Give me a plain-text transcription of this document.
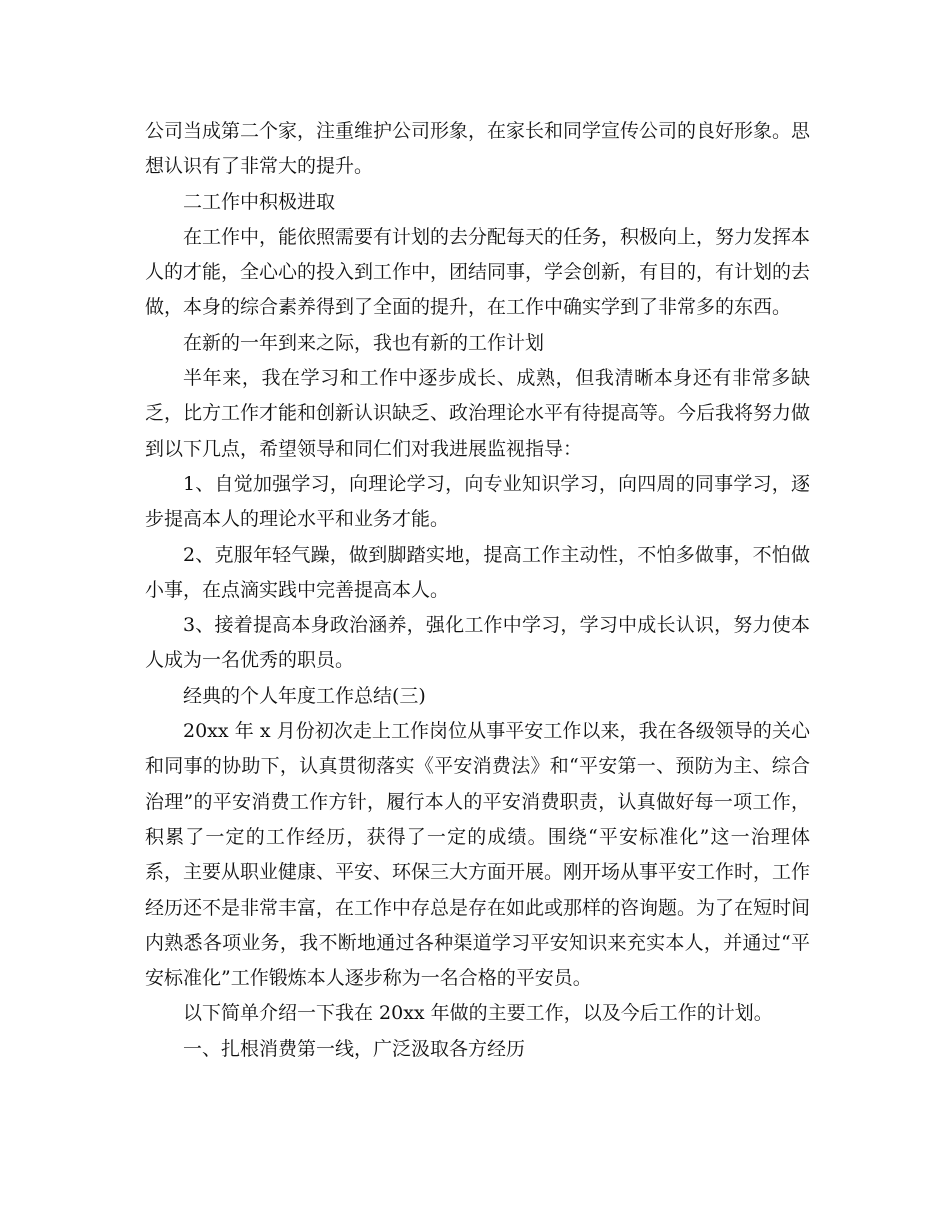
公司当成第二个家，注重维护公司形象，在家长和同学宣传公司的良好形象。思想认识有了非常大的提升。

二工作中积极进取

在工作中，能依照需要有计划的去分配每天的任务，积极向上，努力发挥本人的才能，全心心的投入到工作中，团结同事，学会创新，有目的，有计划的去做，本身的综合素养得到了全面的提升，在工作中确实学到了非常多的东西。

在新的一年到来之际，我也有新的工作计划

半年来，我在学习和工作中逐步成长、成熟，但我清晰本身还有非常多缺乏，比方工作才能和创新认识缺乏、政治理论水平有待提高等。今后我将努力做到以下几点，希望领导和同仁们对我进展监视指导：

1、自觉加强学习，向理论学习，向专业知识学习，向四周的同事学习，逐步提高本人的理论水平和业务才能。

2、克服年轻气躁，做到脚踏实地，提高工作主动性，不怕多做事，不怕做小事，在点滴实践中完善提高本人。

3、接着提高本身政治涵养，强化工作中学习，学习中成长认识，努力使本人成为一名优秀的职员。

经典的个人年度工作总结(三)

20xx 年 x 月份初次走上工作岗位从事平安工作以来，我在各级领导的关心和同事的协助下，认真贯彻落实《平安消费法》和“平安第一、预防为主、综合治理”的平安消费工作方针，履行本人的平安消费职责，认真做好每一项工作，积累了一定的工作经历，获得了一定的成绩。围绕“平安标准化”这一治理体系，主要从职业健康、平安、环保三大方面开展。刚开场从事平安工作时，工作经历还不是非常丰富，在工作中存总是存在如此或那样的咨询题。为了在短时间内熟悉各项业务，我不断地通过各种渠道学习平安知识来充实本人，并通过“平安标准化”工作锻炼本人逐步称为一名合格的平安员。

以下简单介绍一下我在 20xx 年做的主要工作，以及今后工作的计划。

一、扎根消费第一线，广泛汲取各方经历
